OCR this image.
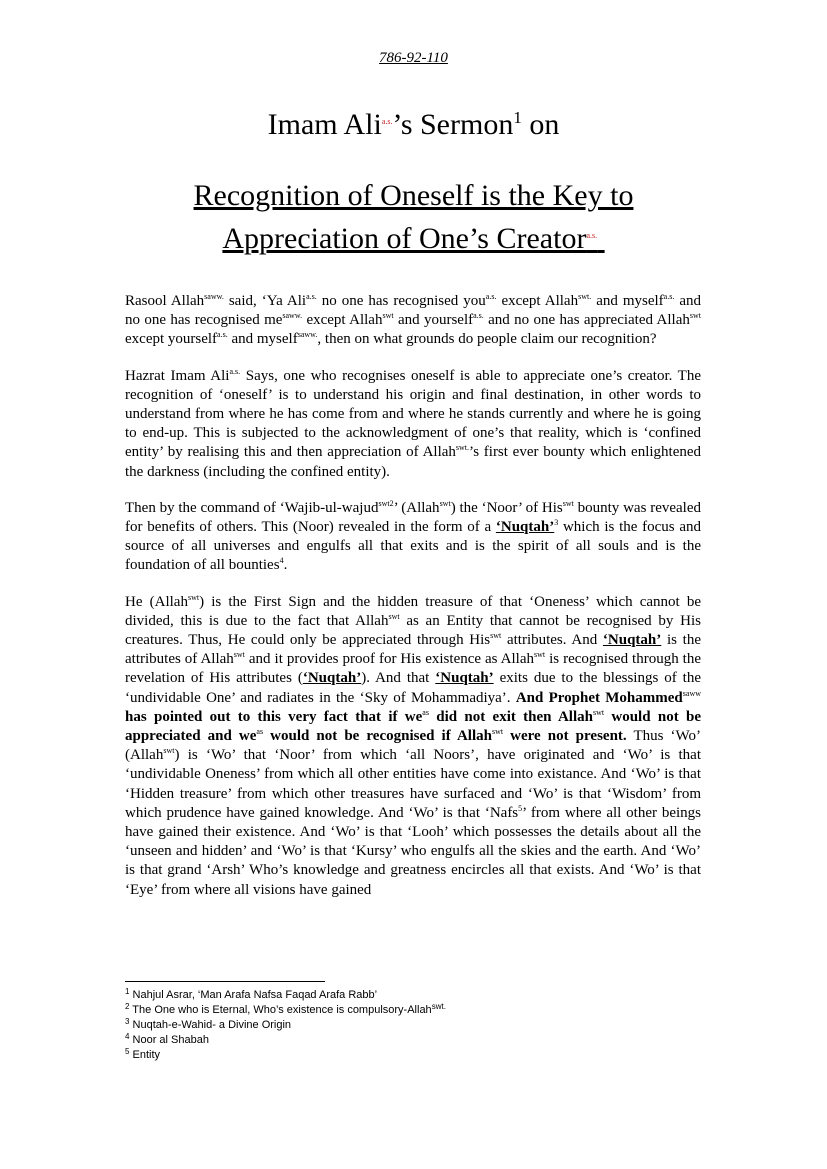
786-92-110
Imam Ali$^{a.s.}$’s Sermon$^1$ on
Recognition of Oneself is the Key to
Appreciation of One’s Creator$^{a.s.}$

Rasool Allah$^{saww.}$ said, ‘Ya Ali$^{a.s.}$ no one has recognised you$^{a.s.}$ except Allah$^{swt.}$ and myself$^{a.s.}$ and no one has recognised $me^{saww.}$ except Allah$^{swt}$ and yourself$^{a.s.}$ and no one has appreciated Allah$^{swt}$ except yourself$^{a.s.}$ and myself$^{saww.}$, then on what grounds do people claim our recognition?

Hazrat Imam Ali$^{a.s.}$ Says, one who recognises oneself is able to appreciate one’s creator. The recognition of ‘oneself’ is to understand his origin and final destination, in other words to understand from where he has come from and where he stands currently and where he is going to end-up. This is subjected to the acknowledgment of one’s that reality, which is ‘confined entity’ by realising this and then appreciation of Allah$^{swt.}$’s first ever bounty which enlightened the darkness (including the confined entity).

Then by the command of ‘Wajib-ul-wajud$^{swt2}$’ (Allah$^{swt}$) the ‘Noor’ of His$^{swt}$ bounty was revealed for benefits of others. This (Noor) revealed in the form of a ‘Nuqtah’$^3$ which is the focus and source of all universes and engulfs all that exits and is the spirit of all souls and is the foundation of all bounties$^4$.

He (Allah$^{swt}$) is the First Sign and the hidden treasure of that ‘Oneness’ which cannot be divided, this is due to the fact that Allah$^{swt}$ as an Entity that cannot be recognised by His creatures. Thus, He could only be appreciated through His$^{swt}$ attributes. And ‘Nuqtah’ is the attributes of Allah$^{swt}$ and it provides proof for His existence as Allah$^{swt}$ is recognised through the revelation of His attributes (‘Nuqtah’). And that ‘Nuqtah’ exits due to the blessings of the ‘undividable One’ and radiates in the ‘Sky of Mohammadiya’. And Prophet Mohammed$^{saww}$ has pointed out to this very fact that if $we^{as}$ did not exit then Allah$^{swt}$ would not be appreciated and $we^{as}$ would not be recognised if Allah$^{swt}$ were not present. Thus ‘Wo’ (Allah$^{swt}$) is ‘Wo’ that ‘Noor’ from which ‘all Noors’, have originated and ‘Wo’ is that ‘undividable Oneness’ from which all other entities have come into existance. And ‘Wo’ is that ‘Hidden treasure’ from which other treasures have surfaced and ‘Wo’ is that ‘Wisdom’ from which prudence have gained knowledge. And ‘Wo’ is that ‘Nafs$^5$’ from where all other beings have gained their existence. And ‘Wo’ is that ‘Looh’ which possesses the details about all the ‘unseen and hidden’ and ‘Wo’ is that ‘Kursy’ who engulfs all the skies and the earth. And ‘Wo’ is that grand ‘Arsh’ Who’s knowledge and greatness encircles all that exists. And ‘Wo’ is that ‘Eye’ from where all visions have gained

$^1$ Nahjul Asrar, ‘Man Arafa Nafsa Faqad Arafa Rabb’
$^2$ The One who is Eternal, Who’s existence is compulsory-Allah$^{swt.}$
$^3$ Nuqtah-e-Wahid- a Divine Origin
$^4$ Noor al Shabah
$^5$ Entity
